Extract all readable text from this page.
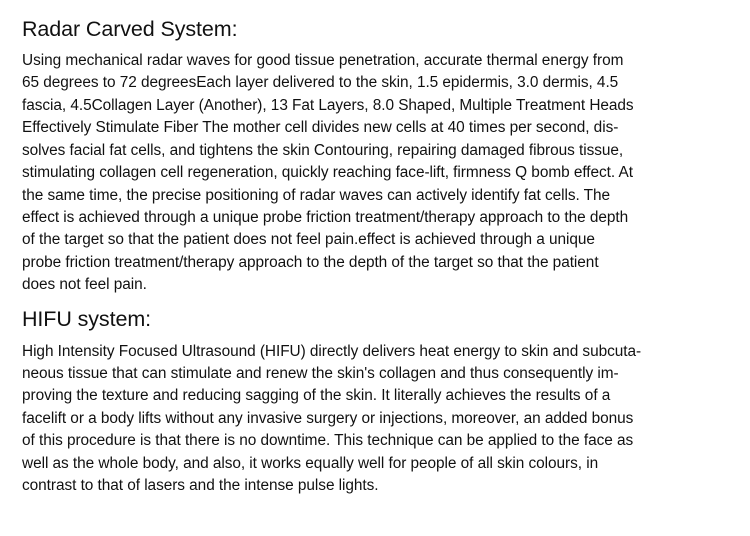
Radar Carved System:
Using mechanical radar waves for good tissue penetration, accurate thermal energy from
65 degrees to 72 degreesEach layer delivered to the skin, 1.5 epidermis, 3.0 dermis, 4.5
fascia, 4.5Collagen Layer (Another), 13 Fat Layers, 8.0 Shaped, Multiple Treatment Heads
Effectively Stimulate Fiber The mother cell divides new cells at 40 times per second, dis-
solves facial fat cells, and tightens the skin Contouring, repairing damaged fibrous tissue,
stimulating collagen cell regeneration, quickly reaching face-lift, firmness Q bomb effect. At
the same time, the precise positioning of radar waves can actively identify fat cells. The
effect is achieved through a unique probe friction treatment/therapy approach to the depth
of the target so that the patient does not feel pain.effect is achieved through a unique
probe friction treatment/therapy approach to the depth of the target so that the patient
does not feel pain.
HIFU system:
High Intensity Focused Ultrasound (HIFU) directly delivers heat energy to skin and subcuta-
neous tissue that can stimulate and renew the skin's collagen and thus consequently im-
proving the texture and reducing sagging of the skin. It literally achieves the results of a
facelift or a body lifts without any invasive surgery or injections, moreover, an added bonus
of this procedure is that there is no downtime. This technique can be applied to the face as
well as the whole body, and also, it works equally well for people of all skin colours, in
contrast to that of lasers and the intense pulse lights.
